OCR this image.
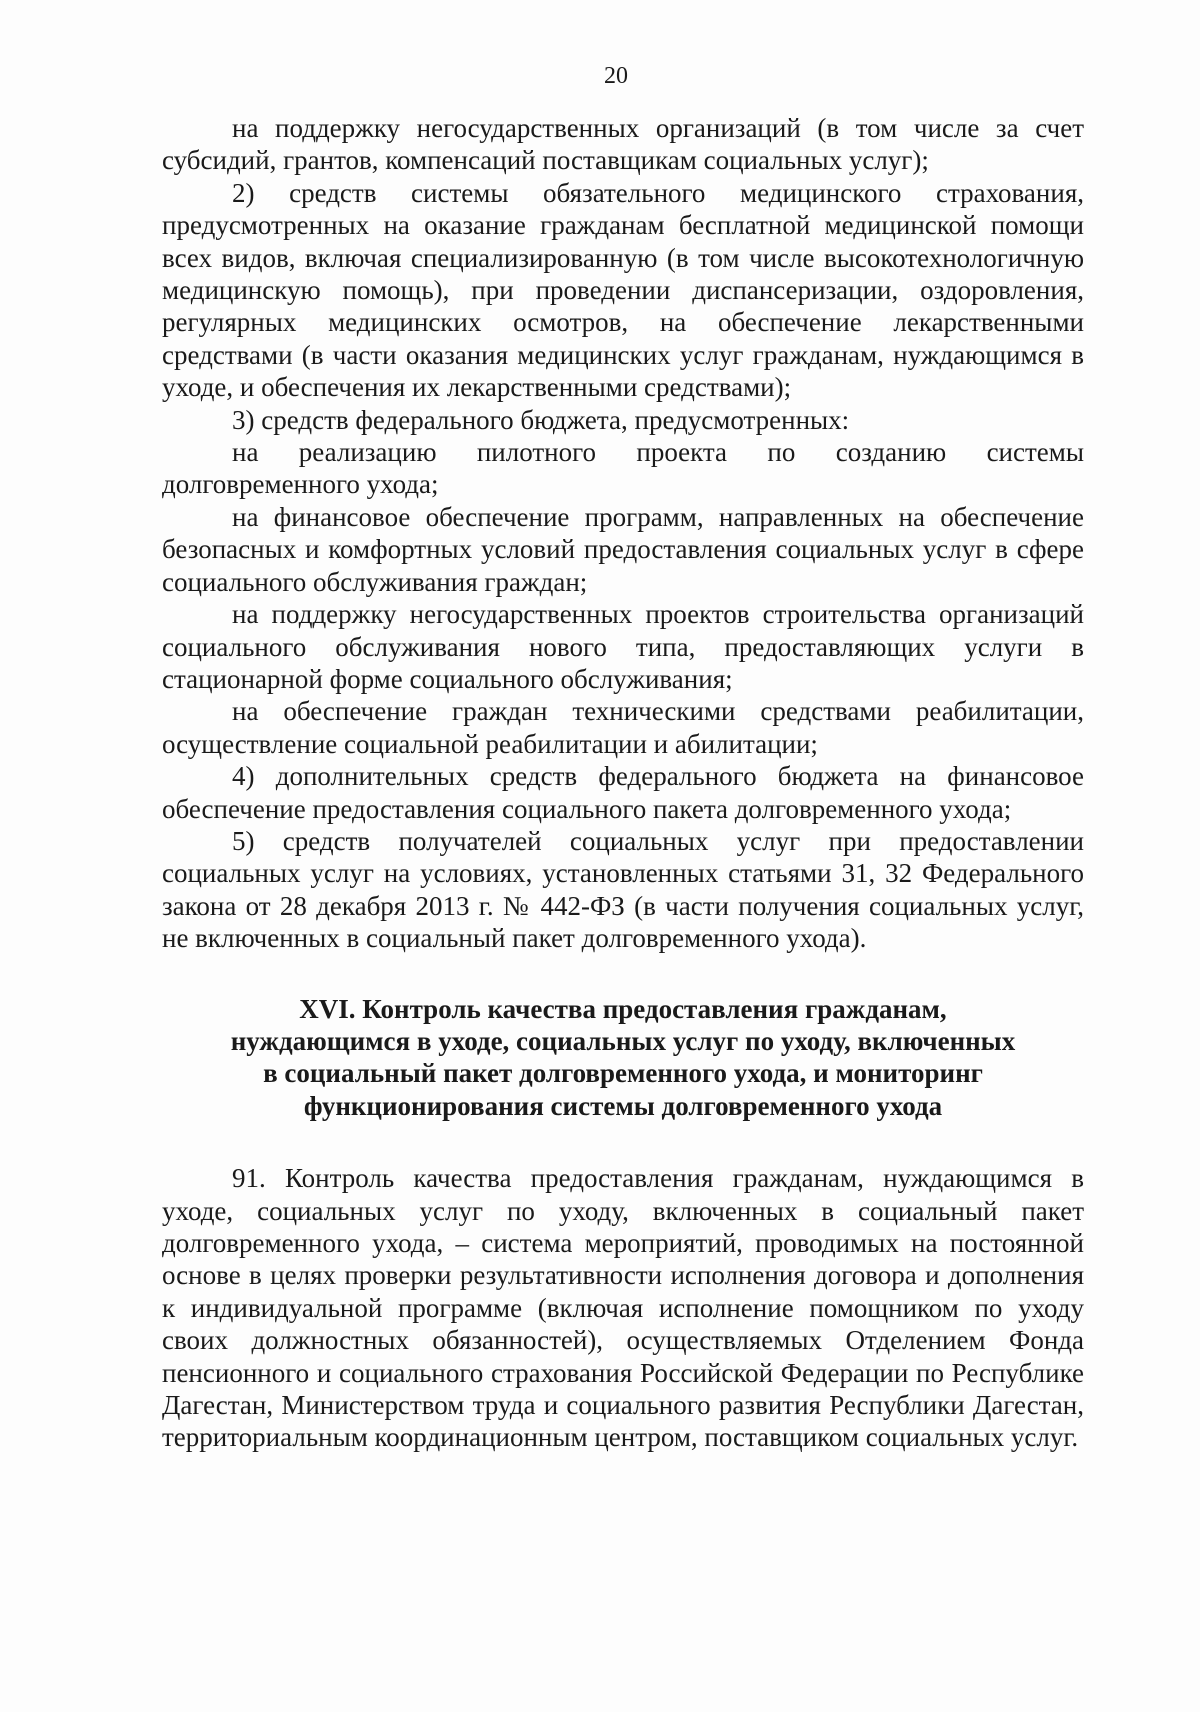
20

на поддержку негосударственных организаций (в том числе за счет субсидий, грантов, компенсаций поставщикам социальных услуг);

2) средств системы обязательного медицинского страхования, предусмотренных на оказание гражданам бесплатной медицинской помощи всех видов, включая специализированную (в том числе высокотехнологичную медицинскую помощь), при проведении диспансеризации, оздоровления, регулярных медицинских осмотров, на обеспечение лекарственными средствами (в части оказания медицинских услуг гражданам, нуждающимся в уходе, и обеспечения их лекарственными средствами);

3) средств федерального бюджета, предусмотренных:

на реализацию пилотного проекта по созданию системы долговременного ухода;

на финансовое обеспечение программ, направленных на обеспечение безопасных и комфортных условий предоставления социальных услуг в сфере социального обслуживания граждан;

на поддержку негосударственных проектов строительства организаций социального обслуживания нового типа, предоставляющих услуги в стационарной форме социального обслуживания;

на обеспечение граждан техническими средствами реабилитации, осуществление социальной реабилитации и абилитации;

4) дополнительных средств федерального бюджета на финансовое обеспечение предоставления социального пакета долговременного ухода;

5) средств получателей социальных услуг при предоставлении социальных услуг на условиях, установленных статьями 31, 32 Федерального закона от 28 декабря 2013 г. № 442-ФЗ (в части получения социальных услуг, не включенных в социальный пакет долговременного ухода).

XVI. Контроль качества предоставления гражданам,
нуждающимся в уходе, социальных услуг по уходу, включенных
в социальный пакет долговременного ухода, и мониторинг
функционирования системы долговременного ухода

91. Контроль качества предоставления гражданам, нуждающимся в уходе, социальных услуг по уходу, включенных в социальный пакет долговременного ухода, – система мероприятий, проводимых на постоянной основе в целях проверки результативности исполнения договора и дополнения к индивидуальной программе (включая исполнение помощником по уходу своих должностных обязанностей), осуществляемых Отделением Фонда пенсионного и социального страхования Российской Федерации по Республике Дагестан, Министерством труда и социального развития Республики Дагестан, территориальным координационным центром, поставщиком социальных услуг.
